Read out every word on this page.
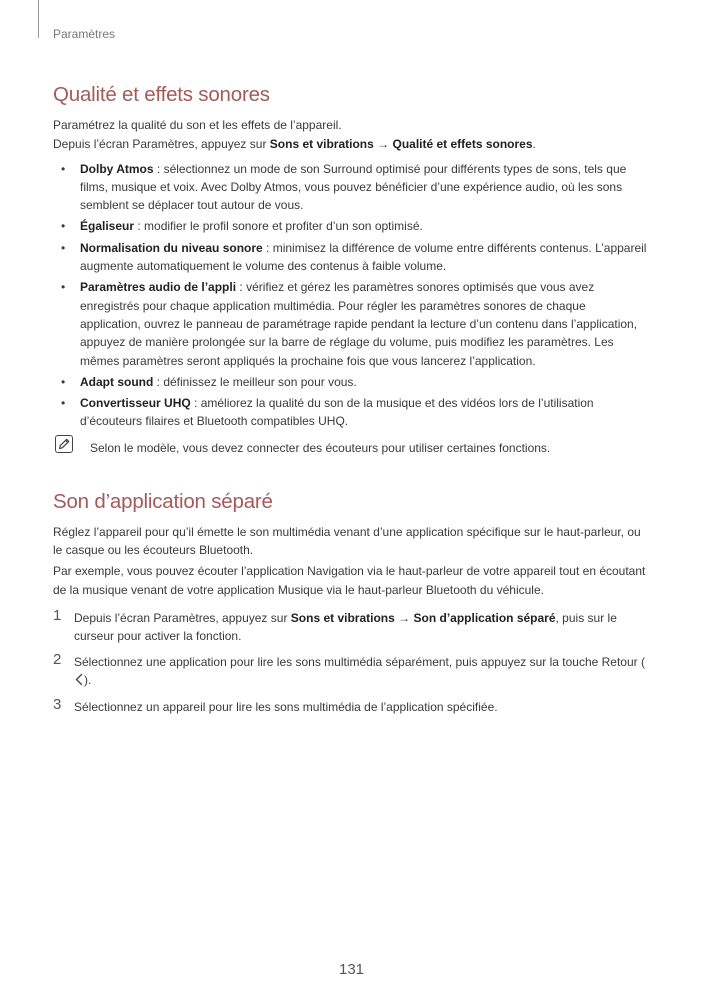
Paramètres
Qualité et effets sonores

Paramétrez la qualité du son et les effets de l’appareil.

Depuis l’écran Paramètres, appuyez sur Sons et vibrations → Qualité et effets sonores.

• Dolby Atmos : sélectionnez un mode de son Surround optimisé pour différents types de sons, tels que films, musique et voix. Avec Dolby Atmos, vous pouvez bénéficier d’une expérience audio, où les sons semblent se déplacer tout autour de vous.
• Égaliseur : modifier le profil sonore et profiter d’un son optimisé.
• Normalisation du niveau sonore : minimisez la différence de volume entre différents contenus. L’appareil augmente automatiquement le volume des contenus à faible volume.
• Paramètres audio de l’appli : vérifiez et gérez les paramètres sonores optimisés que vous avez enregistrés pour chaque application multimédia. Pour régler les paramètres sonores de chaque application, ouvrez le panneau de paramétrage rapide pendant la lecture d’un contenu dans l’application, appuyez de manière prolongée sur la barre de réglage du volume, puis modifiez les paramètres. Les mêmes paramètres seront appliqués la prochaine fois que vous lancerez l’application.
• Adapt sound : définissez le meilleur son pour vous.
• Convertisseur UHQ : améliorez la qualité du son de la musique et des vidéos lors de l’utilisation d’écouteurs filaires et Bluetooth compatibles UHQ.

Selon le modèle, vous devez connecter des écouteurs pour utiliser certaines fonctions.

Son d’application séparé

Réglez l’appareil pour qu’il émette le son multimédia venant d’une application spécifique sur le haut-parleur, ou le casque ou les écouteurs Bluetooth.

Par exemple, vous pouvez écouter l’application Navigation via le haut-parleur de votre appareil tout en écoutant de la musique venant de votre application Musique via le haut-parleur Bluetooth du véhicule.

1 Depuis l’écran Paramètres, appuyez sur Sons et vibrations → Son d’application séparé, puis sur le curseur pour activer la fonction.
2 Sélectionnez une application pour lire les sons multimédia séparément, puis appuyez sur la touche Retour ().
3 Sélectionnez un appareil pour lire les sons multimédia de l’application spécifiée.
131
